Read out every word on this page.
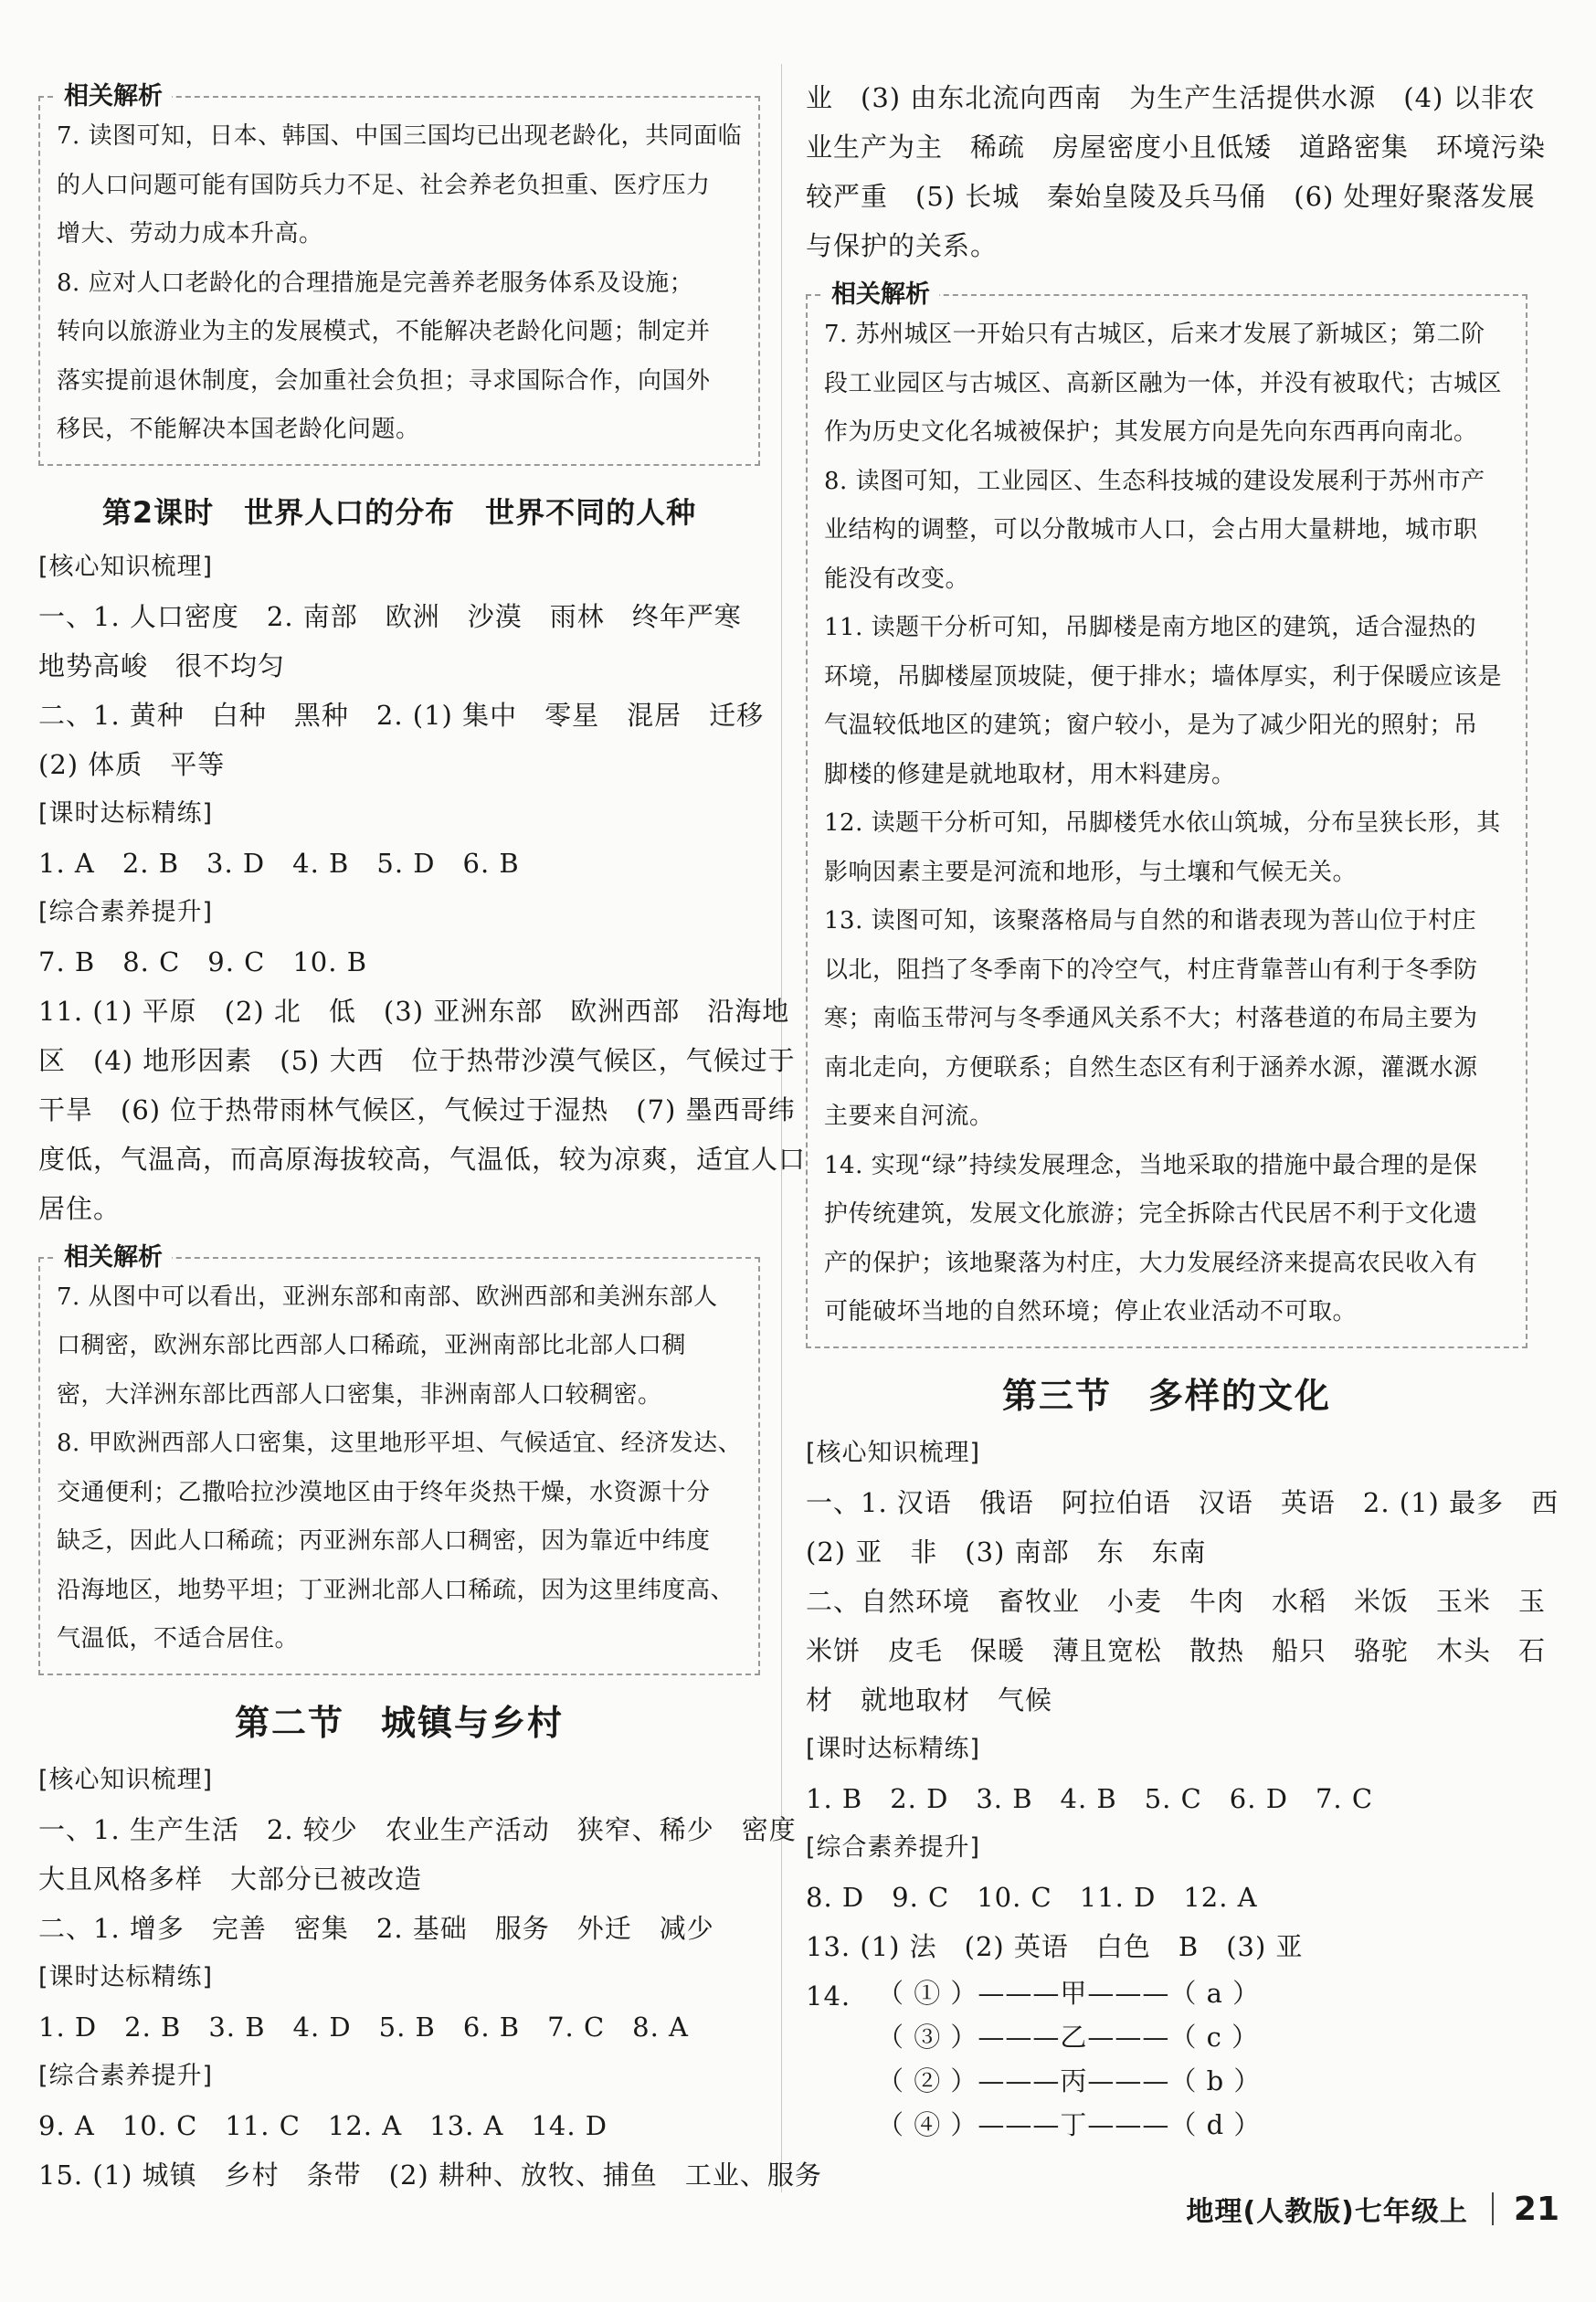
相关解析
7. 读图可知，日本、韩国、中国三国均已出现老龄化，共同面临
的人口问题可能有国防兵力不足、社会养老负担重、医疗压力
增大、劳动力成本升高。
8. 应对人口老龄化的合理措施是完善养老服务体系及设施；
转向以旅游业为主的发展模式，不能解决老龄化问题；制定并
落实提前退休制度，会加重社会负担；寻求国际合作，向国外
移民，不能解决本国老龄化问题。
第2课时　世界人口的分布　世界不同的人种
[核心知识梳理]
一、1. 人口密度　2. 南部　欧洲　沙漠　雨林　终年严寒
地势高峻　很不均匀
二、1. 黄种　白种　黑种　2. (1) 集中　零星　混居　迁移
(2) 体质　平等
[课时达标精练]
1. A　2. B　3. D　4. B　5. D　6. B
[综合素养提升]
7. B　8. C　9. C　10. B
11. (1) 平原　(2) 北　低　(3) 亚洲东部　欧洲西部　沿海地
区　(4) 地形因素　(5) 大西　位于热带沙漠气候区，气候过于
干旱　(6) 位于热带雨林气候区，气候过于湿热　(7) 墨西哥纬
度低，气温高，而高原海拔较高，气温低，较为凉爽，适宜人口
居住。
相关解析
7. 从图中可以看出，亚洲东部和南部、欧洲西部和美洲东部人
口稠密，欧洲东部比西部人口稀疏，亚洲南部比北部人口稠
密，大洋洲东部比西部人口密集，非洲南部人口较稠密。
8. 甲欧洲西部人口密集，这里地形平坦、气候适宜、经济发达、
交通便利；乙撒哈拉沙漠地区由于终年炎热干燥，水资源十分
缺乏，因此人口稀疏；丙亚洲东部人口稠密，因为靠近中纬度
沿海地区，地势平坦；丁亚洲北部人口稀疏，因为这里纬度高、
气温低，不适合居住。
第二节　城镇与乡村
[核心知识梳理]
一、1. 生产生活　2. 较少　农业生产活动　狭窄、稀少　密度
大且风格多样　大部分已被改造
二、1. 增多　完善　密集　2. 基础　服务　外迁　减少
[课时达标精练]
1. D　2. B　3. B　4. D　5. B　6. B　7. C　8. A
[综合素养提升]
9. A　10. C　11. C　12. A　13. A　14. D
15. (1) 城镇　乡村　条带　(2) 耕种、放牧、捕鱼　工业、服务
业　(3) 由东北流向西南　为生产生活提供水源　(4) 以非农
业生产为主　稀疏　房屋密度小且低矮　道路密集　环境污染
较严重　(5) 长城　秦始皇陵及兵马俑　(6) 处理好聚落发展
与保护的关系。
相关解析
7. 苏州城区一开始只有古城区，后来才发展了新城区；第二阶
段工业园区与古城区、高新区融为一体，并没有被取代；古城区
作为历史文化名城被保护；其发展方向是先向东西再向南北。
8. 读图可知，工业园区、生态科技城的建设发展利于苏州市产
业结构的调整，可以分散城市人口，会占用大量耕地，城市职
能没有改变。
11. 读题干分析可知，吊脚楼是南方地区的建筑，适合湿热的
环境，吊脚楼屋顶坡陡，便于排水；墙体厚实，利于保暖应该是
气温较低地区的建筑；窗户较小，是为了减少阳光的照射；吊
脚楼的修建是就地取材，用木料建房。
12. 读题干分析可知，吊脚楼凭水依山筑城，分布呈狭长形，其
影响因素主要是河流和地形，与土壤和气候无关。
13. 读图可知，该聚落格局与自然的和谐表现为菩山位于村庄
以北，阻挡了冬季南下的冷空气，村庄背靠菩山有利于冬季防
寒；南临玉带河与冬季通风关系不大；村落巷道的布局主要为
南北走向，方便联系；自然生态区有利于涵养水源，灌溉水源
主要来自河流。
14. 实现“绿”持续发展理念，当地采取的措施中最合理的是保
护传统建筑，发展文化旅游；完全拆除古代民居不利于文化遗
产的保护；该地聚落为村庄，大力发展经济来提高农民收入有
可能破坏当地的自然环境；停止农业活动不可取。
第三节　多样的文化
[核心知识梳理]
一、1. 汉语　俄语　阿拉伯语　汉语　英语　2. (1) 最多　西
(2) 亚　非　(3) 南部　东　东南
二、自然环境　畜牧业　小麦　牛肉　水稻　米饭　玉米　玉
米饼　皮毛　保暖　薄且宽松　散热　船只　骆驼　木头　石
材　就地取材　气候
[课时达标精练]
1. B　2. D　3. B　4. B　5. C　6. D　7. C
[综合素养提升]
8. D　9. C　10. C　11. D　12. A
13. (1) 法　(2) 英语　白色　B　(3) 亚
14. （ ① ）———甲———（ a ）
（ ③ ）———乙———（ c ）
（ ② ）———丙———（ b ）
（ ④ ）———丁———（ d ）
地理(人教版)七年级上 21
